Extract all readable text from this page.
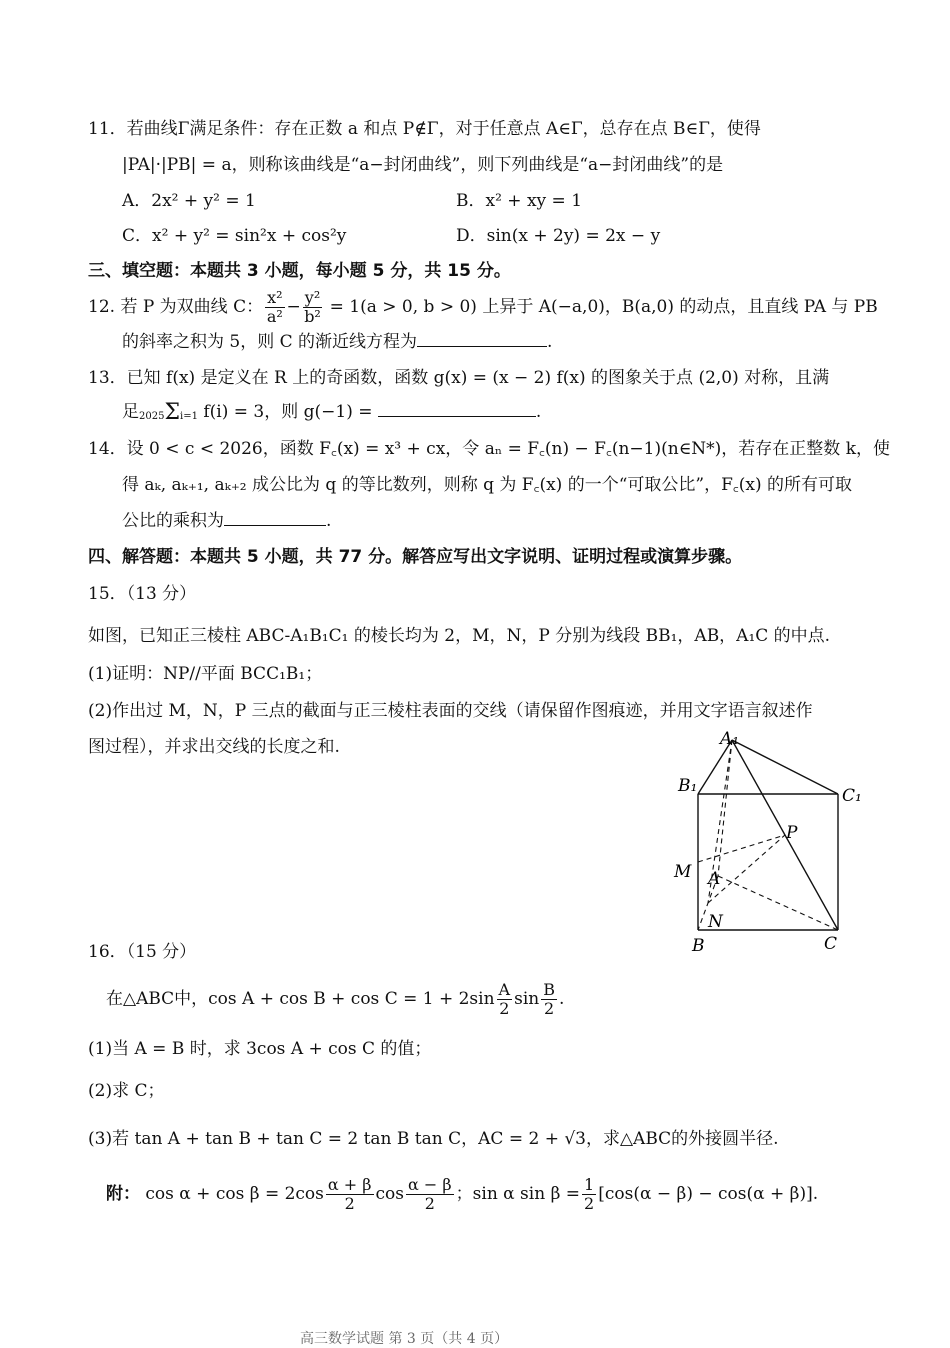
11．若曲线Γ满足条件：存在正数 a 和点 P∉Γ，对于任意点 A∈Γ，总存在点 B∈Γ，使得
|PA|·|PB| = a，则称该曲线是“a−封闭曲线”，则下列曲线是“a−封闭曲线”的是
A．2x² + y² = 1	B．x² + xy = 1
C．x² + y² = sin²x + cos²y	D．sin(x + 2y) = 2x − y
三、填空题：本题共 3 小题，每小题 5 分，共 15 分。
12. 若 P 为双曲线 C： $\frac{\text{x²}}{\text{a²}} - \frac{\text{y²}}{\text{b²}} = 1(a > 0$, b > 0) 上异于 A(−a,0)，B(a,0) 的动点，且直线 PA 与 PB
的斜率之积为 5，则 C 的渐近线方程为	.
13．已知 f(x) 是定义在 R 上的奇函数，函数 g(x) = (x − 2) f(x) 的图象关于点 (2,0) 对称，且满
足2025Σi=1 f(i) = 3，则 g(−1) =	.
14．设 0 < c < 2026，函数 F꜀(x) = x³ + cx，令 aₙ = F꜀(n) − F꜀(n−1)(n∈N*)，若存在正整数 k，使
得 aₖ, aₖ₊₁, aₖ₊₂ 成公比为 q 的等比数列，则称 q 为 F꜀(x) 的一个“可取公比”，F꜀(x) 的所有可取
公比的乘积为	.
四、解答题：本题共 5 小题，共 77 分。解答应写出文字说明、证明过程或演算步骤。
15．（13 分）
如图，已知正三棱柱 ABC-A₁B₁C₁ 的棱长均为 2，M，N，P 分别为线段 BB₁，AB，A₁C 的中点.
(1)证明：NP//平面 BCC₁B₁；
(2)作出过 M，N，P 三点的截面与正三棱柱表面的交线（请保留作图痕迹，并用文字语言叙述作
图过程），并求出交线的长度之和.	A₁
B₁	C₁
P
M A
N
B	C
16．（15 分）
在△ABC中，$\cos A + \cos B + \cos C = 1 + 2\sin \frac{A}{2}$ $\sin \frac{B}{2}$ .
(1)当 A = B 时，求 3cos A + cos C 的值；
(2)求 C；
(3)若 tan A + tan B + tan C = 2 tan B tan C，AC = 2 + √3，求△ABC的外接圆半径.
附： $\cos \alpha + \cos \beta = 2\cos \frac{\alpha + \beta}{2}$ $\cos \frac{\alpha - \beta}{2}$ ；sin α $\sin \beta = \frac{1}{2} [\cos(\alpha - \beta) - \cos(\alpha + \beta)]$.
高三数学试题 第 3 页（共 4 页）
